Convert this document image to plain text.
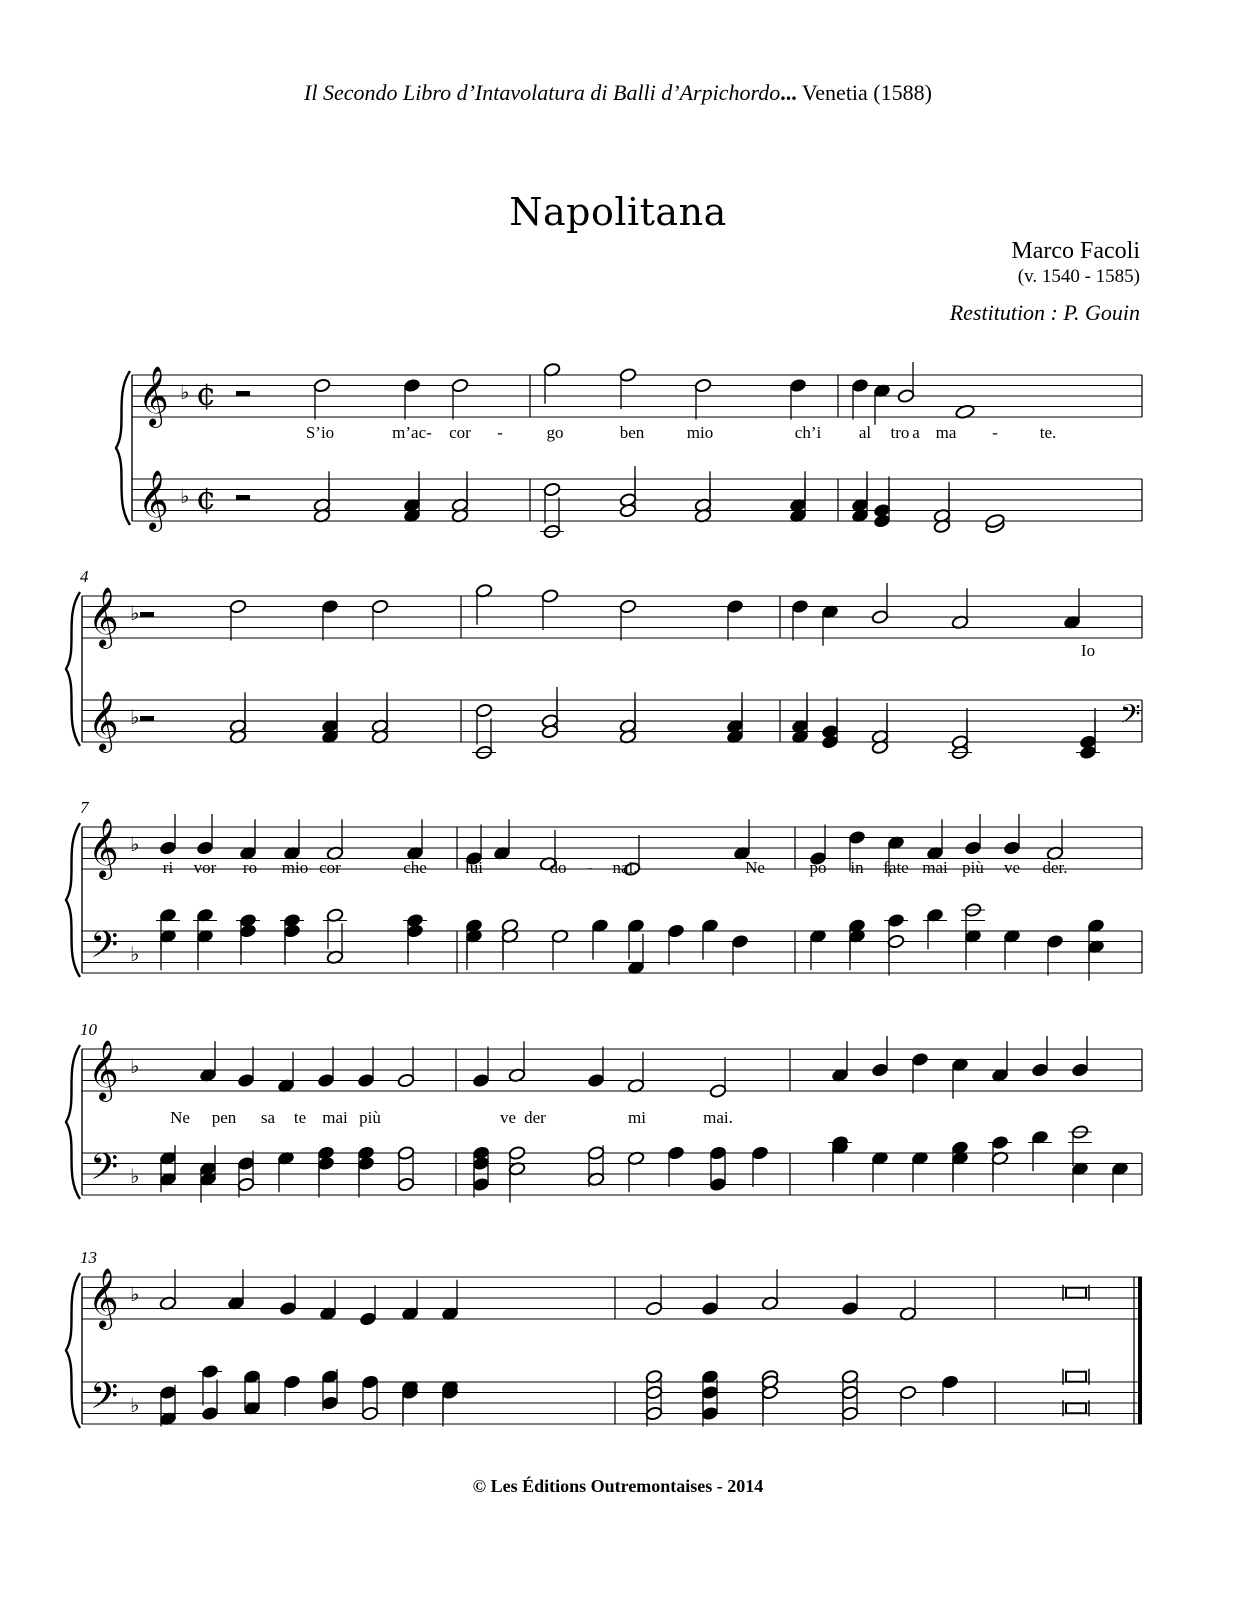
Il Secondo Libro d’Intavolatura di Balli d’Arpichordo... Venetia (1588)
Napolitana
Marco Facoli
(v. 1540 - 1585)
Restitution : P. Gouin
𝄞
𝄞
♭
♭
¢
¢
S’io	m’ac- cor -	go	ben	mio	ch’i al tro a ma - te.
𝄞
𝄞
♭
♭	𝄢
4
Io
𝄞
𝄢
♭
♭
7
ri vor ro mio cor	che lui	do - nai.	Ne	po in fate mai più ve der.
𝄞
𝄢
♭
♭
10
Ne pen sa te mai più	ve der	mi	mai.
𝄞
𝄢
♭
♭
13
© Les Éditions Outremontaises - 2014
